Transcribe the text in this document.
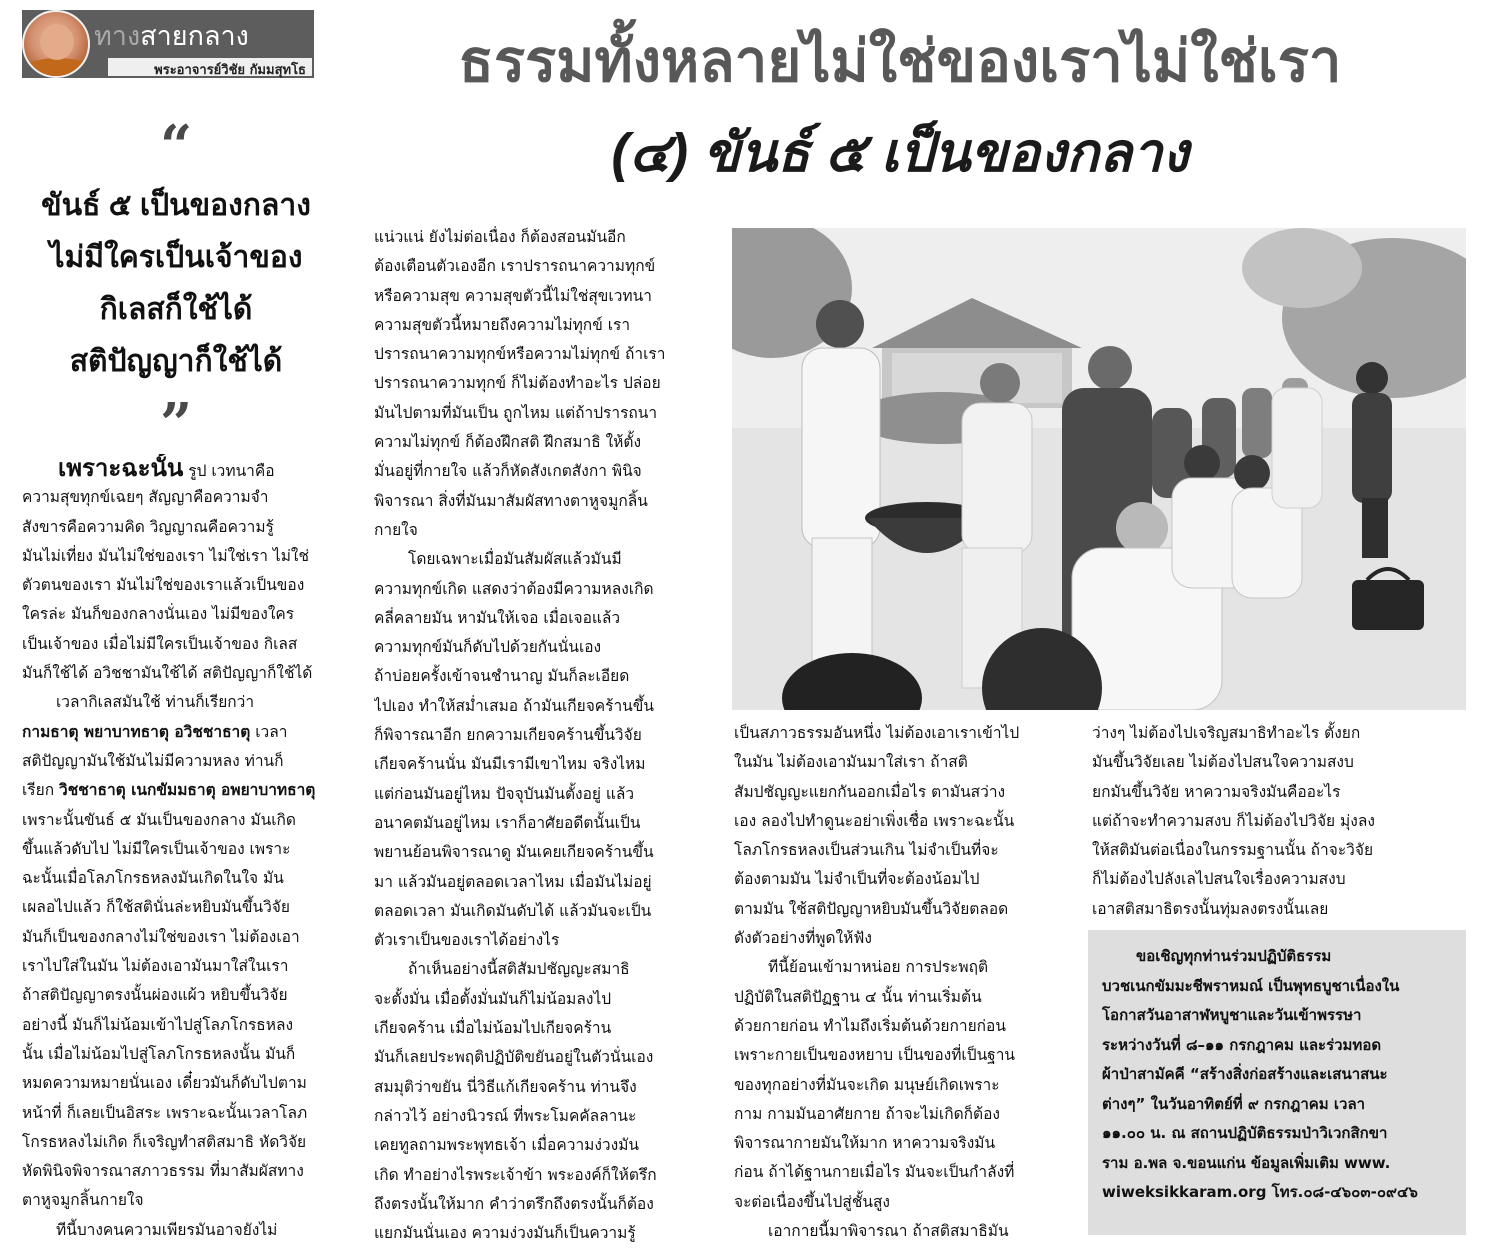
ทางสายกลาง
พระอาจารย์วิชัย กัมมสุทโธ	ธรรมทั้งหลายไม่ใช่ของเราไม่ใช่เรา
(๔) ขันธ์ ๕ เป็นของกลาง
“
ขันธ์ ๕ เป็นของกลาง
ไม่มีใครเป็นเจ้าของ
กิเลสก็ใช้ได้
สติปัญญาก็ใช้ได้
”
เพราะฉะนั้น รูป เวทนาคือ
ความสุขทุกข์เฉยๆ สัญญาคือความจำ
สังขารคือความคิด วิญญาณคือความรู้
มันไม่เที่ยง มันไม่ใช่ของเรา ไม่ใช่เรา ไม่ใช่
ตัวตนของเรา มันไม่ใช่ของเราแล้วเป็นของ
ใครล่ะ มันก็ของกลางนั่นเอง ไม่มีของใคร
เป็นเจ้าของ เมื่อไม่มีใครเป็นเจ้าของ กิเลส
มันก็ใช้ได้ อวิชชามันใช้ได้ สติปัญญาก็ใช้ได้
เวลากิเลสมันใช้ ท่านก็เรียกว่า
กามธาตุ พยาบาทธาตุ อวิชชาธาตุ เวลา
สติปัญญามันใช้มันไม่มีความหลง ท่านก็
เรียก วิชชาธาตุ เนกขัมมธาตุ อพยาบาทธาตุ
เพราะนั้นขันธ์ ๕ มันเป็นของกลาง มันเกิด
ขึ้นแล้วดับไป ไม่มีใครเป็นเจ้าของ เพราะ
ฉะนั้นเมื่อโลภโกรธหลงมันเกิดในใจ มัน
เผลอไปแล้ว ก็ใช้สตินั่นล่ะหยิบมันขึ้นวิจัย
มันก็เป็นของกลางไม่ใช่ของเรา ไม่ต้องเอา
เราไปใส่ในมัน ไม่ต้องเอามันมาใส่ในเรา
ถ้าสติปัญญาตรงนั้นผ่องแผ้ว หยิบขึ้นวิจัย
อย่างนี้ มันก็ไม่น้อมเข้าไปสู่โลภโกรธหลง
นั้น เมื่อไม่น้อมไปสู่โลภโกรธหลงนั้น มันก็
หมดความหมายนั่นเอง เดี๋ยวมันก็ดับไปตาม
หน้าที่ ก็เลยเป็นอิสระ เพราะฉะนั้นเวลาโลภ
โกรธหลงไม่เกิด ก็เจริญทำสติสมาธิ หัดวิจัย
หัดพินิจพิจารณาสภาวธรรม ที่มาสัมผัสทาง
ตาหูจมูกลิ้นกายใจ
ทีนี้บางคนความเพียรมันอาจยังไม่
แน่วแน่ ยังไม่ต่อเนื่อง ก็ต้องสอนมันอีก
ต้องเตือนตัวเองอีก เราปรารถนาความทุกข์
หรือความสุข ความสุขตัวนี้ไม่ใช่สุขเวทนา
ความสุขตัวนี้หมายถึงความไม่ทุกข์ เรา
ปรารถนาความทุกข์หรือความไม่ทุกข์ ถ้าเรา
ปรารถนาความทุกข์ ก็ไม่ต้องทำอะไร ปล่อย
มันไปตามที่มันเป็น ถูกไหม แต่ถ้าปรารถนา
ความไม่ทุกข์ ก็ต้องฝึกสติ ฝึกสมาธิ ให้ตั้ง
มั่นอยู่ที่กายใจ แล้วก็หัดสังเกตสังกา พินิจ
พิจารณา สิ่งที่มันมาสัมผัสทางตาหูจมูกลิ้น
กายใจ
โดยเฉพาะเมื่อมันสัมผัสแล้วมันมี
ความทุกข์เกิด แสดงว่าต้องมีความหลงเกิด
คลี่คลายมัน หามันให้เจอ เมื่อเจอแล้ว
ความทุกข์มันก็ดับไปด้วยกันนั่นเอง
ถ้าบ่อยครั้งเข้าจนชำนาญ มันก็ละเอียด
ไปเอง ทำให้สม่ำเสมอ ถ้ามันเกียจคร้านขึ้น
ก็พิจารณาอีก ยกความเกียจคร้านขึ้นวิจัย
เกียจคร้านนั่น มันมีเรามีเขาไหม จริงไหม
แต่ก่อนมันอยู่ไหม ปัจจุบันมันตั้งอยู่ แล้ว
อนาคตมันอยู่ไหม เราก็อาศัยอดีตนั้นเป็น
พยานย้อนพิจารณาดู มันเคยเกียจคร้านขึ้น
มา แล้วมันอยู่ตลอดเวลาไหม เมื่อมันไม่อยู่
ตลอดเวลา มันเกิดมันดับได้ แล้วมันจะเป็น
ตัวเราเป็นของเราได้อย่างไร
ถ้าเห็นอย่างนี้สติสัมปชัญญะสมาธิ
จะตั้งมั่น เมื่อตั้งมั่นมันก็ไม่น้อมลงไป
เกียจคร้าน เมื่อไม่น้อมไปเกียจคร้าน
มันก็เลยประพฤติปฏิบัติขยันอยู่ในตัวนั่นเอง
สมมุติว่าขยัน นี่วิธีแก้เกียจคร้าน ท่านจึง
กล่าวไว้ อย่างนิวรณ์ ที่พระโมคคัลลานะ
เคยทูลถามพระพุทธเจ้า เมื่อความง่วงมัน
เกิด ทำอย่างไรพระเจ้าข้า พระองค์ก็ให้ตรึก
ถึงตรงนั้นให้มาก คำว่าตรึกถึงตรงนั้นก็ต้อง
แยกมันนั่นเอง ความง่วงมันก็เป็นความรู้
เป็นสภาวธรรมอันหนึ่ง ไม่ต้องเอาเราเข้าไป
ในมัน ไม่ต้องเอามันมาใส่เรา ถ้าสติ
สัมปชัญญะแยกกันออกเมื่อไร ตามันสว่าง
เอง ลองไปทำดูนะอย่าเพิ่งเชื่อ เพราะฉะนั้น
โลภโกรธหลงเป็นส่วนเกิน ไม่จำเป็นที่จะ
ต้องตามมัน ไม่จำเป็นที่จะต้องน้อมไป
ตามมัน ใช้สติปัญญาหยิบมันขึ้นวิจัยตลอด
ดังตัวอย่างที่พูดให้ฟัง
ทีนี้ย้อนเข้ามาหน่อย การประพฤติ
ปฏิบัติในสติปัฏฐาน ๔ นั้น ท่านเริ่มต้น
ด้วยกายก่อน ทำไมถึงเริ่มต้นด้วยกายก่อน
เพราะกายเป็นของหยาบ เป็นของที่เป็นฐาน
ของทุกอย่างที่มันจะเกิด มนุษย์เกิดเพราะ
กาม กามมันอาศัยกาย ถ้าจะไม่เกิดก็ต้อง
พิจารณากายมันให้มาก หาความจริงมัน
ก่อน ถ้าได้ฐานกายเมื่อไร มันจะเป็นกำลังที่
จะต่อเนื่องขึ้นไปสู่ชั้นสูง
เอากายนี้มาพิจารณา ถ้าสติสมาธิมัน
ว่างๆ ไม่ต้องไปเจริญสมาธิทำอะไร ตั้งยก
มันขึ้นวิจัยเลย ไม่ต้องไปสนใจความสงบ
ยกมันขึ้นวิจัย หาความจริงมันคืออะไร
แต่ถ้าจะทำความสงบ ก็ไม่ต้องไปวิจัย มุ่งลง
ให้สติมันต่อเนื่องในกรรมฐานนั้น ถ้าจะวิจัย
ก็ไม่ต้องไปลังเลไปสนใจเรื่องความสงบ
เอาสติสมาธิตรงนั้นทุ่มลงตรงนั้นเลย
ขอเชิญทุกท่านร่วมปฏิบัติธรรม
บวชเนกขัมมะชีพราหมณ์ เป็นพุทธบูชาเนื่องใน
โอกาสวันอาสาฬหบูชาและวันเข้าพรรษา
ระหว่างวันที่ ๘–๑๑ กรกฎาคม และร่วมทอด
ผ้าป่าสามัคคี “สร้างสิ่งก่อสร้างและเสนาสนะ
ต่างๆ” ในวันอาทิตย์ที่ ๙ กรกฎาคม เวลา
๑๑.๐๐ น. ณ สถานปฏิบัติธรรมป่าวิเวกสิกขา
ราม อ.พล จ.ขอนแก่น ข้อมูลเพิ่มเติม www.
wiweksikkaram.org โทร.๐๘-๔๖๐๓-๐๙๔๖
